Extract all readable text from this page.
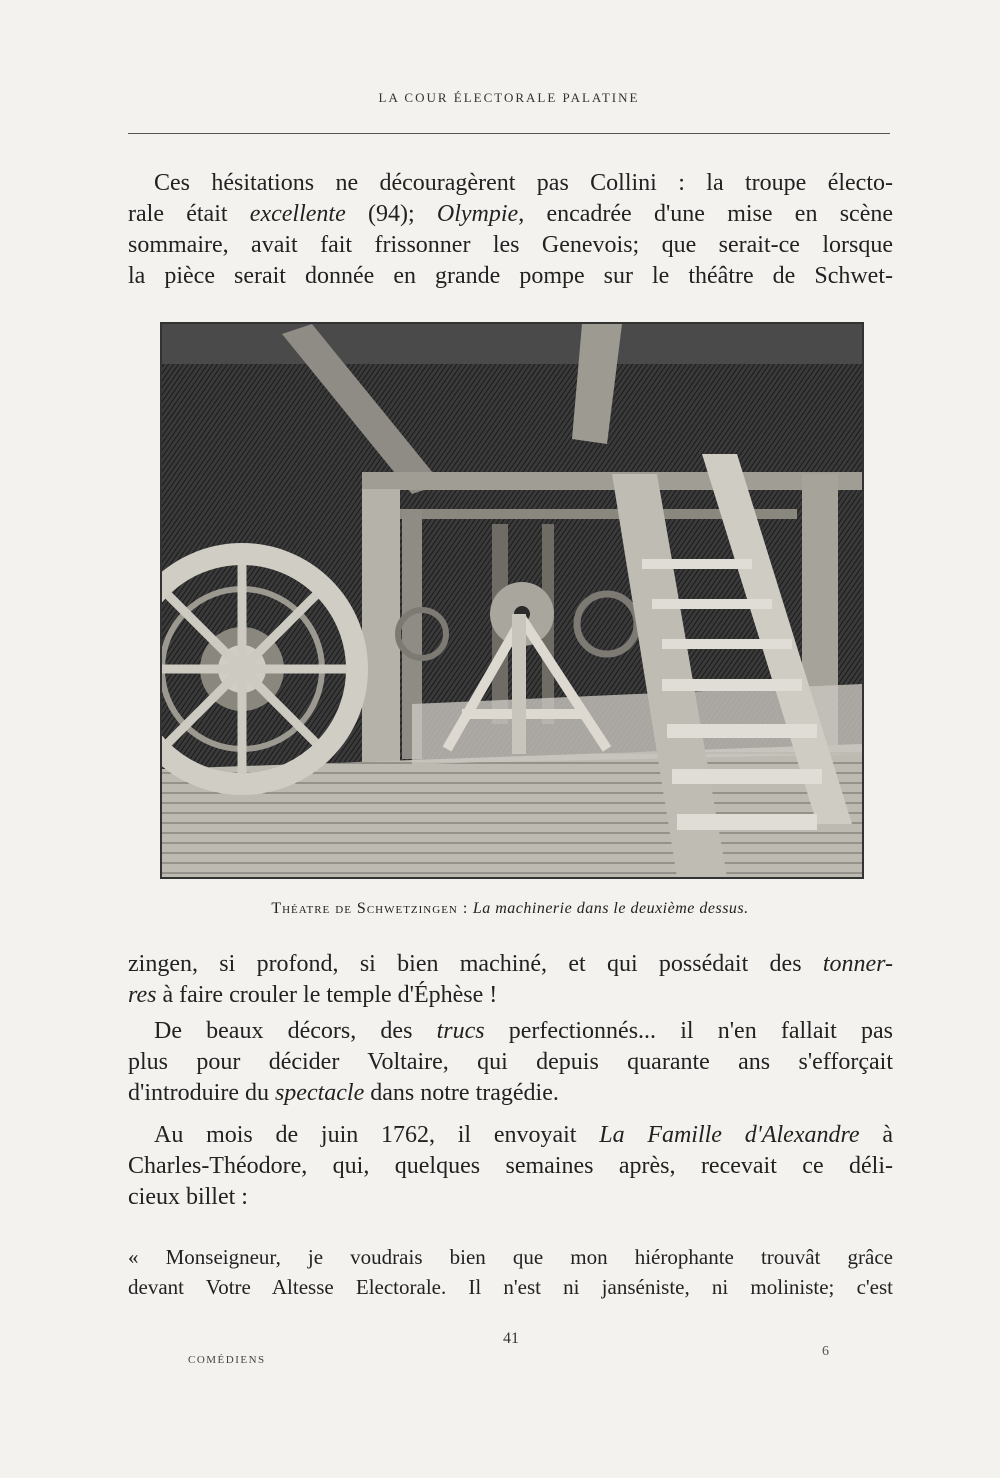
LA COUR ÉLECTORALE PALATINE
Ces hésitations ne découragèrent pas Collini : la troupe électo-
rale était excellente (94); Olympie, encadrée d'une mise en scène
sommaire, avait fait frissonner les Genevois; que serait-ce lorsque
la pièce serait donnée en grande pompe sur le théâtre de Schwet-
Théatre de Schwetzingen : La machinerie dans le deuxième dessus.
zingen, si profond, si bien machiné, et qui possédait des tonner-
res à faire crouler le temple d'Éphèse !
De beaux décors, des trucs perfectionnés... il n'en fallait pas
plus pour décider Voltaire, qui depuis quarante ans s'efforçait
d'introduire du spectacle dans notre tragédie.
Au mois de juin 1762, il envoyait La Famille d'Alexandre à
Charles-Théodore, qui, quelques semaines après, recevait ce déli-
cieux billet :
« Monseigneur, je voudrais bien que mon hiérophante trouvât grâce
devant Votre Altesse Electorale. Il n'est ni janséniste, ni moliniste; c'est
41
COMÉDIENS
6
